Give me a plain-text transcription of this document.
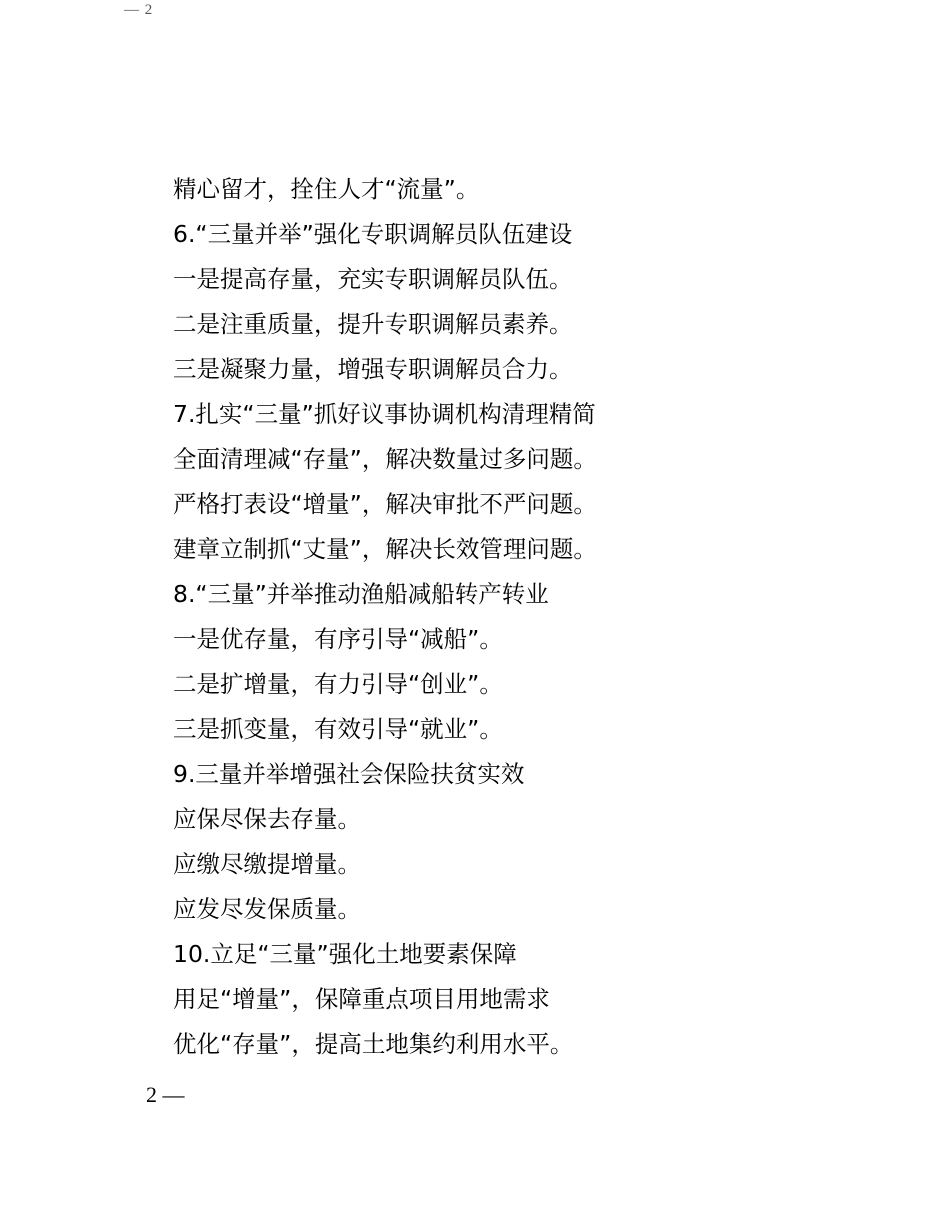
— 2
精心留才，拴住人才“流量”。
6.“三量并举”强化专职调解员队伍建设
一是提高存量，充实专职调解员队伍。
二是注重质量，提升专职调解员素养。
三是凝聚力量，增强专职调解员合力。
7.扎实“三量”抓好议事协调机构清理精简
全面清理减“存量”，解决数量过多问题。
严格打表设“增量”，解决审批不严问题。
建章立制抓“丈量”，解决长效管理问题。
8.“三量”并举推动渔船减船转产转业
一是优存量，有序引导“减船”。
二是扩增量，有力引导“创业”。
三是抓变量，有效引导“就业”。
9.三量并举增强社会保险扶贫实效
应保尽保去存量。
应缴尽缴提增量。
应发尽发保质量。
10.立足“三量”强化土地要素保障
用足“增量”，保障重点项目用地需求
优化“存量”，提高土地集约利用水平。
2 —
